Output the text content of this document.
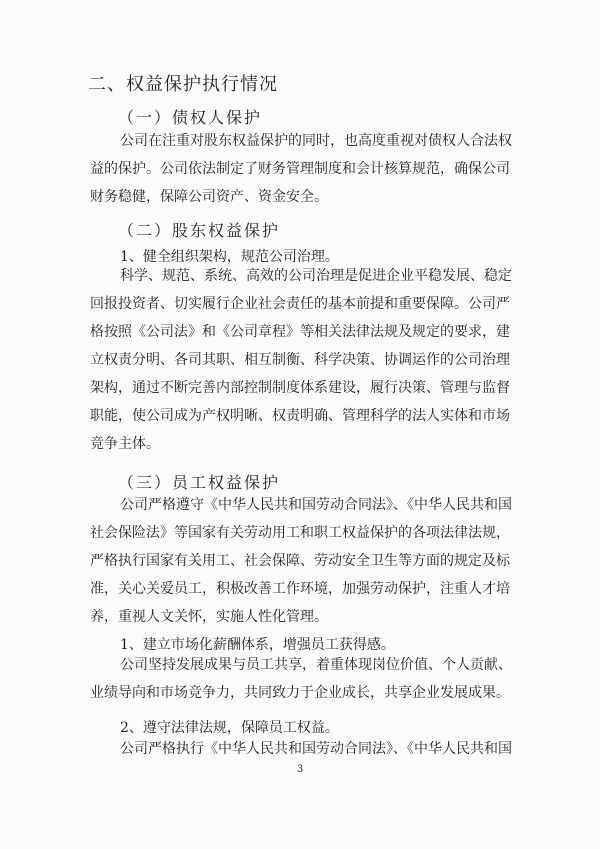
二、权益保护执行情况
（一）债权人保护
公司在注重对股东权益保护的同时，也高度重视对债权人合法权
益的保护。公司依法制定了财务管理制度和会计核算规范，确保公司
财务稳健，保障公司资产、资金安全。
（二）股东权益保护
1、健全组织架构，规范公司治理。
科学、规范、系统、高效的公司治理是促进企业平稳发展、稳定
回报投资者、切实履行企业社会责任的基本前提和重要保障。公司严
格按照《公司法》和《公司章程》等相关法律法规及规定的要求，建
立权责分明、各司其职、相互制衡、科学决策、协调运作的公司治理
架构，通过不断完善内部控制制度体系建设，履行决策、管理与监督
职能，使公司成为产权明晰、权责明确、管理科学的法人实体和市场
竞争主体。
（三）员工权益保护
公司严格遵守《中华人民共和国劳动合同法》、《中华人民共和国
社会保险法》等国家有关劳动用工和职工权益保护的各项法律法规，
严格执行国家有关用工、社会保障、劳动安全卫生等方面的规定及标
准，关心关爱员工，积极改善工作环境，加强劳动保护，注重人才培
养，重视人文关怀，实施人性化管理。
1、建立市场化薪酬体系，增强员工获得感。
公司坚持发展成果与员工共享，着重体现岗位价值、个人贡献、
业绩导向和市场竞争力，共同致力于企业成长，共享企业发展成果。
2、遵守法律法规，保障员工权益。
公司严格执行《中华人民共和国劳动合同法》、《中华人民共和国
3
